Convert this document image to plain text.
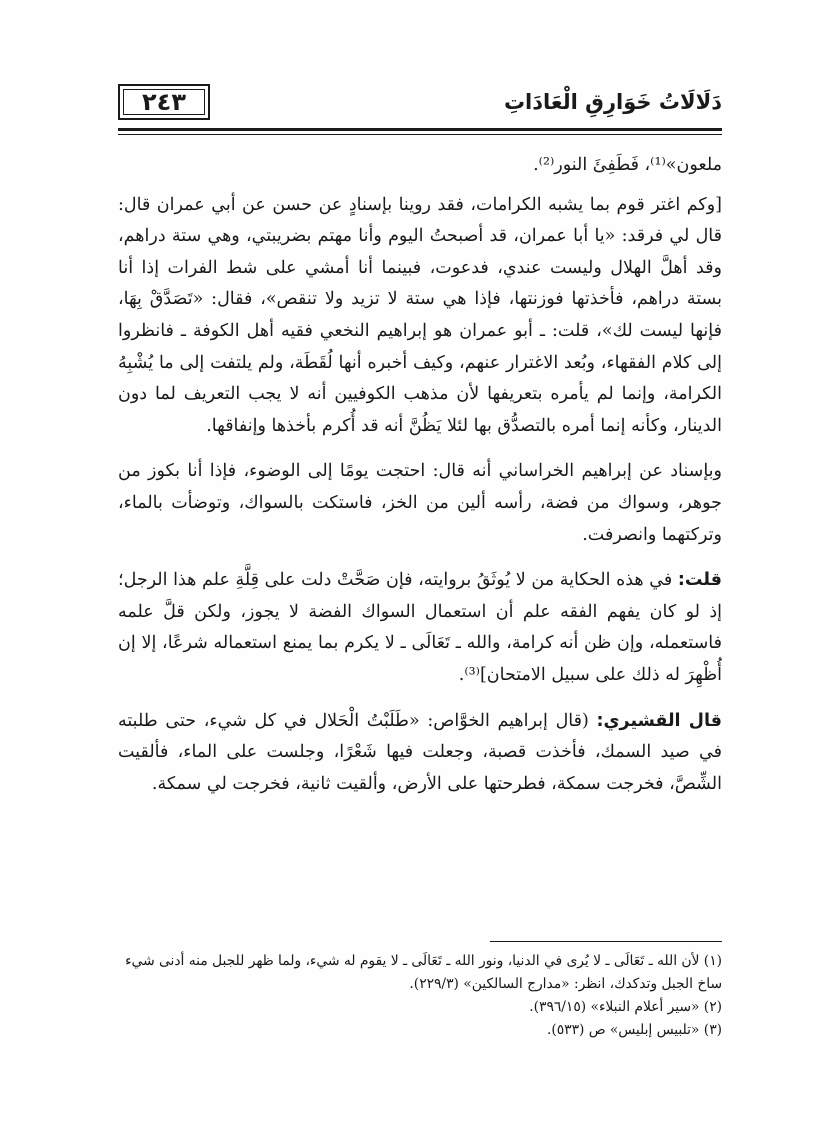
٢٤٣	دَلَالَاتُ خَوَارِقِ الْعَادَاتِ

ملعون»⁽¹⁾، فَطَفِئَ النور⁽²⁾.

[وكم اغتر قوم بما يشبه الكرامات، فقد روينا بإسنادٍ عن حسن عن أبي عمران قال: قال لي فرقد: «يا أبا عمران، قد أصبحتُ اليوم وأنا مهتم بضريبتي، وهي ستة دراهم، وقد أهلَّ الهلال وليست عندي، فدعوت، فبينما أنا أمشي على شط الفرات إذا أنا بستة دراهم، فأخذتها فوزنتها، فإذا هي ستة لا تزيد ولا تنقص»، فقال: «تَصَدَّقْ بِهَا، فإنها ليست لك»، قلت: ـ أبو عمران هو إبراهيم النخعي فقيه أهل الكوفة ـ فانظروا إلى كلام الفقهاء، وبُعد الاغترار عنهم، وكيف أخبره أنها لُقَطَة، ولم يلتفت إلى ما يُشْبِهُ الكرامة، وإنما لم يأمره بتعريفها لأن مذهب الكوفيين أنه لا يجب التعريف لما دون الدينار، وكأنه إنما أمره بالتصدُّق بها لئلا يَظُنَّ أنه قد أُكرم بأخذها وإنفاقها.

وبإسناد عن إبراهيم الخراساني أنه قال: احتجت يومًا إلى الوضوء، فإذا أنا بكوز من جوهر، وسواك من فضة، رأسه ألين من الخز، فاستكت بالسواك، وتوضأت بالماء، وتركتهما وانصرفت.

قلت: في هذه الحكاية من لا يُوثَقُ بروايته، فإن صَحَّتْ دلت على قِلَّةِ علم هذا الرجل؛ إذ لو كان يفهم الفقه علم أن استعمال السواك الفضة لا يجوز، ولكن قلَّ علمه فاستعمله، وإن ظن أنه كرامة، والله ـ تَعَالَى ـ لا يكرم بما يمنع استعماله شرعًا، إلا إن أُظْهِرَ له ذلك على سبيل الامتحان]⁽³⁾.

قال القشيري: (قال إبراهيم الخوَّاص: «طَلَبْتُ الْحَلال في كل شيء، حتى طلبته في صيد السمك، فأخذت قصبة، وجعلت فيها شَعْرًا، وجلست على الماء، فألقيت الشِّصَّ، فخرجت سمكة، فطرحتها على الأرض، وألقيت ثانية، فخرجت لي سمكة.

(١) لأن الله ـ تَعَالَى ـ لا يُرى في الدنيا، ونور الله ـ تَعَالَى ـ لا يقوم له شيء، ولما ظهر للجبل منه أدنى شيء

ساخ الجبل وتدكدك، انظر: «مدارج السالكين» (٢٢٩/٣).

(٢) «سير أعلام النبلاء» (٣٩٦/١٥).

(٣) «تلبيس إبليس» ص (٥٣٣).
